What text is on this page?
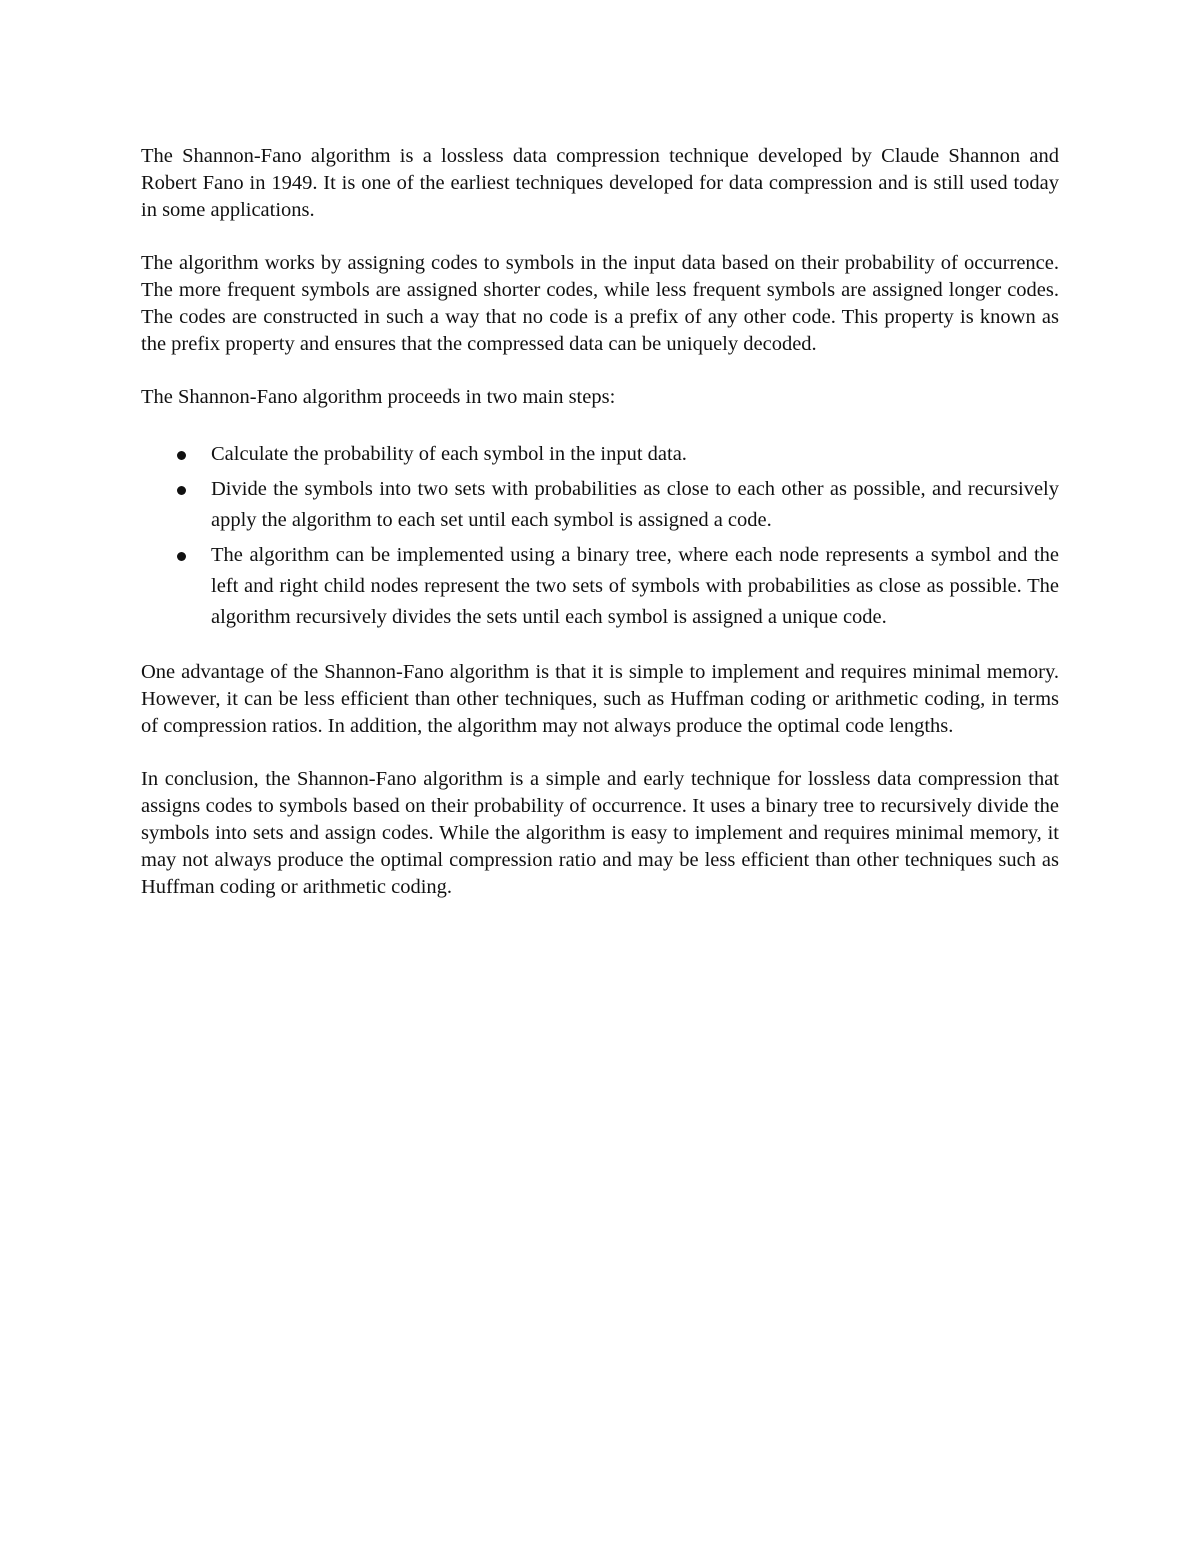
The Shannon-Fano algorithm is a lossless data compression technique developed by Claude Shannon and Robert Fano in 1949. It is one of the earliest techniques developed for data compression and is still used today in some applications.

The algorithm works by assigning codes to symbols in the input data based on their probability of occurrence. The more frequent symbols are assigned shorter codes, while less frequent symbols are assigned longer codes. The codes are constructed in such a way that no code is a prefix of any other code. This property is known as the prefix property and ensures that the compressed data can be uniquely decoded.

The Shannon-Fano algorithm proceeds in two main steps:

Calculate the probability of each symbol in the input data.
Divide the symbols into two sets with probabilities as close to each other as possible, and recursively apply the algorithm to each set until each symbol is assigned a code.
The algorithm can be implemented using a binary tree, where each node represents a symbol and the left and right child nodes represent the two sets of symbols with probabilities as close as possible. The algorithm recursively divides the sets until each symbol is assigned a unique code.

One advantage of the Shannon-Fano algorithm is that it is simple to implement and requires minimal memory. However, it can be less efficient than other techniques, such as Huffman coding or arithmetic coding, in terms of compression ratios. In addition, the algorithm may not always produce the optimal code lengths.

In conclusion, the Shannon-Fano algorithm is a simple and early technique for lossless data compression that assigns codes to symbols based on their probability of occurrence. It uses a binary tree to recursively divide the symbols into sets and assign codes. While the algorithm is easy to implement and requires minimal memory, it may not always produce the optimal compression ratio and may be less efficient than other techniques such as Huffman coding or arithmetic coding.
